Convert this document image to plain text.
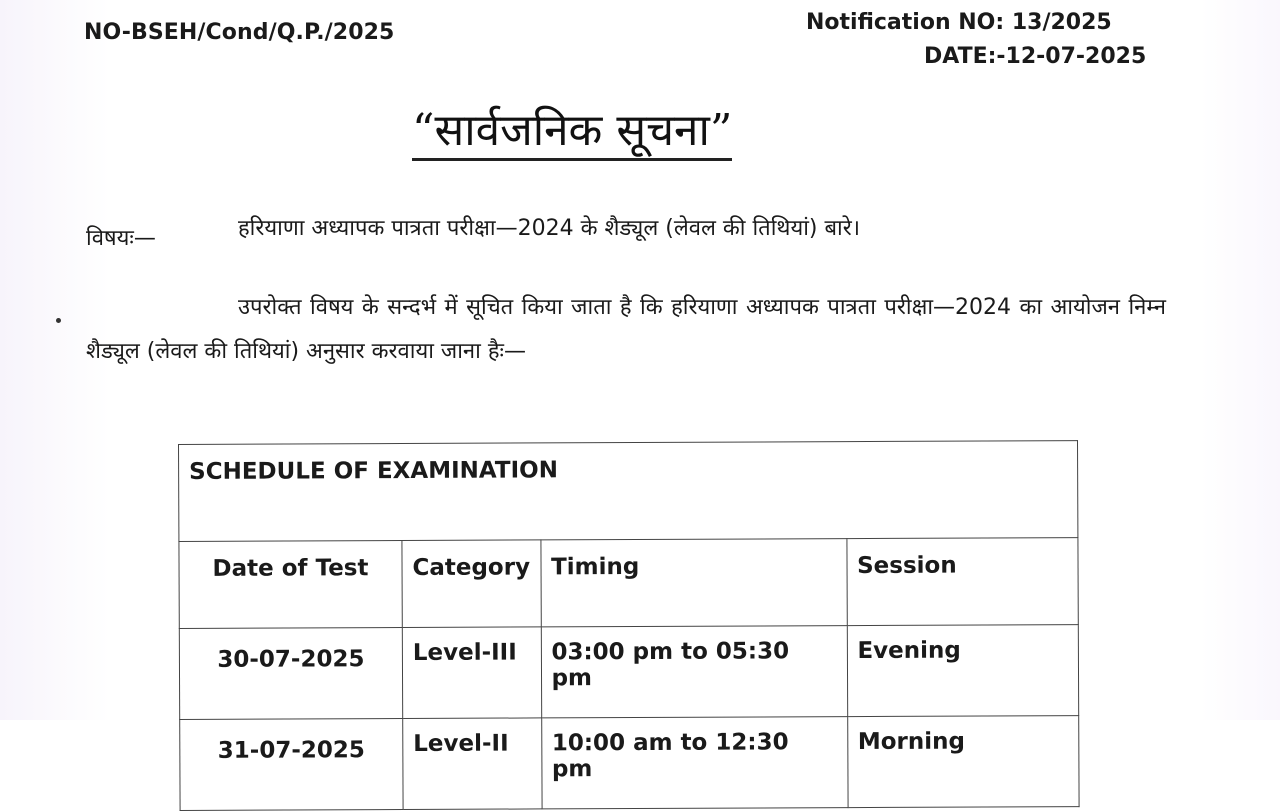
NO-BSEH/Cond/Q.P./2025	Notification NO: 13/2025
DATE:-12-07-2025
“सार्वजनिक सूचना”
विषयः—	हरियाणा अध्यापक पात्रता परीक्षा—2024 के शैड्यूल (लेवल की तिथियां) बारे।
उपरोक्त विषय के सन्दर्भ में सूचित किया जाता है कि हरियाणा अध्यापक पात्रता परीक्षा—2024 का आयोजन निम्न शैड्यूल (लेवल की तिथियां) अनुसार करवाया जाना हैः—
SCHEDULE OF EXAMINATION			
Date of Test	Category	Timing	Session
30-07-2025	Level-III	03:00 pm to 05:30 pm	Evening
31-07-2025	Level-II	10:00 am to 12:30 pm	Morning
